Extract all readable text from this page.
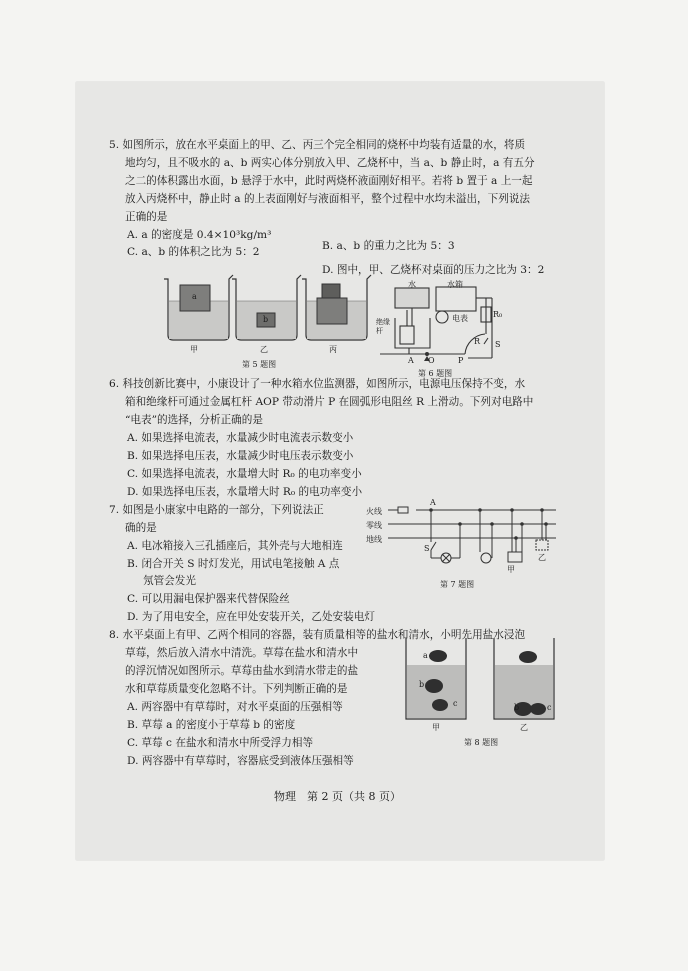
5. 如图所示，放在水平桌面上的甲、乙、丙三个完全相同的烧杯中均装有适量的水，将质
地均匀，且不吸水的 a、b 两实心体分别放入甲、乙烧杯中，当 a、b 静止时，a 有五分
之二的体积露出水面，b 悬浮于水中，此时两烧杯液面刚好相平。若将 b 置于 a 上一起
放入丙烧杯中，静止时 a 的上表面刚好与液面相平，整个过程中水均未溢出，下列说法
正确的是
A. a 的密度是 0.4×10³kg/m³
C. a、b 的体积之比为 5：2	B. a、b 的重力之比为 5：3
D. 图中，甲、乙烧杯对桌面的压力之比为 3：2
a
b
甲	乙	丙
第 5 题图
水	水箱
绝缘杆
电表	R₀
R S
A O	P
第 6 题图
6. 科技创新比赛中，小康设计了一种水箱水位监测器，如图所示，电源电压保持不变，水
箱和绝缘杆可通过金属杠杆 AOP 带动滑片 P 在圆弧形电阻丝 R 上滑动。下列对电路中
“电表”的选择，分析正确的是
A. 如果选择电流表，水量减少时电流表示数变小
B. 如果选择电压表，水量减少时电压表示数变小
C. 如果选择电流表，水量增大时 R₀ 的电功率变小
D. 如果选择电压表，水量增大时 R₀ 的电功率变小
7. 如图是小康家中电路的一部分，下列说法正
确的是
A. 电冰箱接入三孔插座后，其外壳与大地相连
B. 闭合开关 S 时灯发光，用试电笔接触 A 点
氖管会发光
C. 可以用漏电保护器来代替保险丝
D. 为了用电安全，应在甲处安装开关，乙处安装电灯
火线
零线
地线
A
S
甲
乙
第 7 题图
8. 水平桌面上有甲、乙两个相同的容器，装有质量相等的盐水和清水，小明先用盐水浸泡
草莓，然后放入清水中清洗。草莓在盐水和清水中
的浮沉情况如图所示。草莓由盐水到清水带走的盐
水和草莓质量变化忽略不计。下列判断正确的是
A. 两容器中有草莓时，对水平桌面的压强相等
B. 草莓 a 的密度小于草莓 b 的密度
C. 草莓 c 在盐水和清水中所受浮力相等
D. 两容器中有草莓时，容器底受到液体压强相等
a
b
c	b	c
甲	乙
第 8 题图
物理　第 2 页（共 8 页）
